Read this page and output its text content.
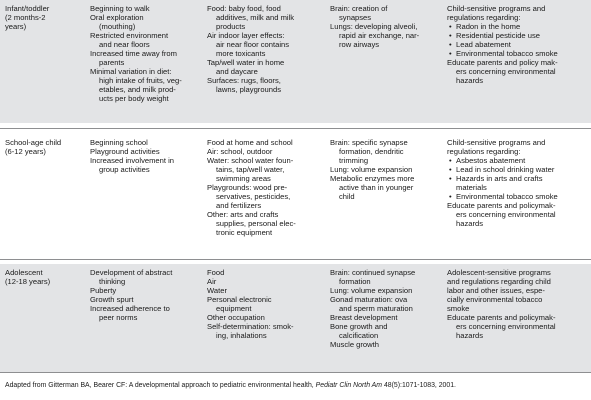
Infant/toddler
(2 months-2
years)
Beginning to walk
Oral exploration
(mouthing)
Restricted environment
and near floors
Increased time away from
parents
Minimal variation in diet:
high intake of fruits, veg-
etables, and milk prod-
ucts per body weight
Food: baby food, food
additives, milk and milk
products
Air indoor layer effects:
air near floor contains
more toxicants
Tap/well water in home
and daycare
Surfaces: rugs, floors,
lawns, playgrounds
Brain: creation of
synapses
Lungs: developing alveoli,
rapid air exchange, nar-
row airways
Child-sensitive programs and
regulations regarding:
• Radon in the home
• Residential pesticide use
• Lead abatement
• Environmental tobacco smoke
Educate parents and policy mak-
ers concerning environmental
hazards
School-age child
(6-12 years)
Beginning school
Playground activities
Increased involvement in
group activities
Food at home and school
Air: school, outdoor
Water: school water foun-
tains, tap/well water,
swimming areas
Playgrounds: wood pre-
servatives, pesticides,
and fertilizers
Other: arts and crafts
supplies, personal elec-
tronic equipment
Brain: specific synapse
formation, dendritic
trimming
Lung: volume expansion
Metabolic enzymes more
active than in younger
child
Child-sensitive programs and
regulations regarding:
• Asbestos abatement
• Lead in school drinking water
• Hazards in arts and crafts
materials
• Environmental tobacco smoke
Educate parents and policymak-
ers concerning environmental
hazards
Adolescent
(12-18 years)
Development of abstract
thinking
Puberty
Growth spurt
Increased adherence to
peer norms
Food
Air
Water
Personal electronic
equipment
Other occupation
Self-determination: smok-
ing, inhalations
Brain: continued synapse
formation
Lung: volume expansion
Gonad maturation: ova
and sperm maturation
Breast development
Bone growth and
calcification
Muscle growth
Adolescent-sensitive programs
and regulations regarding child
labor and other issues, espe-
cially environmental tobacco
smoke
Educate parents and policymak-
ers concerning environmental
hazards
Adapted from Gitterman BA, Bearer CF: A developmental approach to pediatric environmental health, Pediatr Clin North Am 48(5):1071-1083, 2001.
